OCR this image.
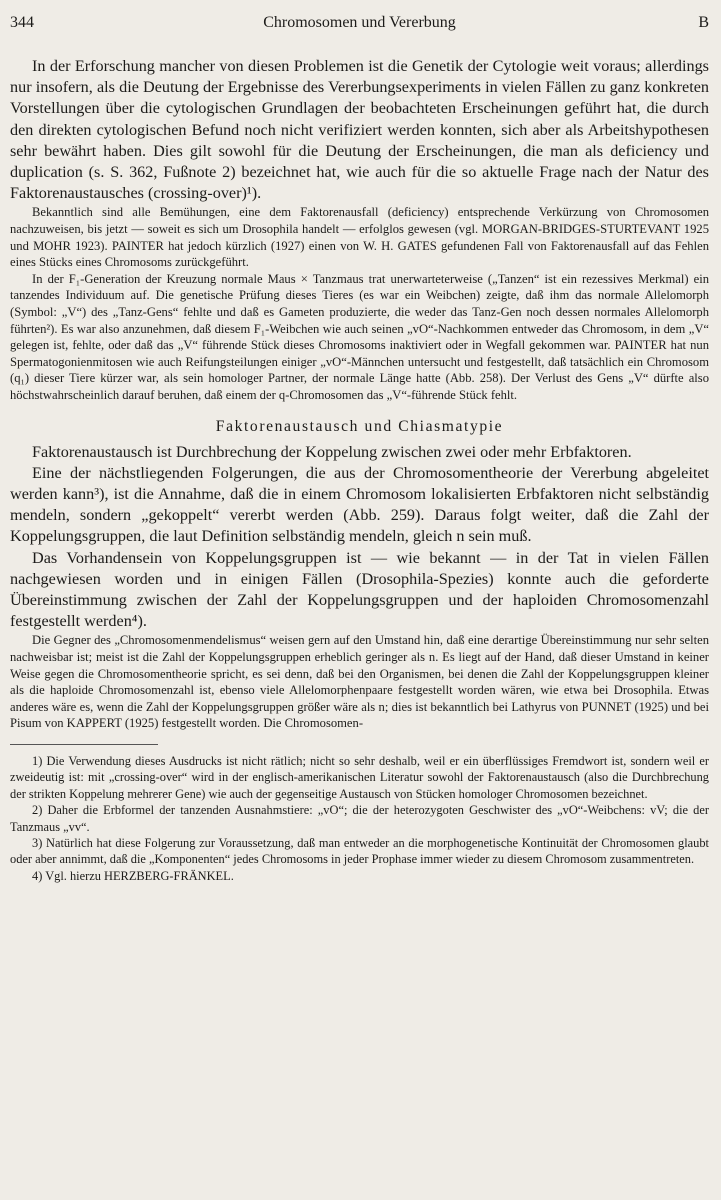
344	Chromosomen und Vererbung	B

In der Erforschung mancher von diesen Problemen ist die Genetik der Cytologie weit voraus; allerdings nur insofern, als die Deutung der Ergebnisse des Vererbungsexperiments in vielen Fällen zu ganz konkreten Vorstellungen über die cytologischen Grundlagen der beobachteten Erscheinungen geführt hat, die durch den direkten cytologischen Befund noch nicht verifiziert werden konnten, sich aber als Arbeitshypothesen sehr bewährt haben. Dies gilt sowohl für die Deutung der Erscheinungen, die man als deficiency und duplication (s. S. 362, Fußnote 2) bezeichnet hat, wie auch für die so aktuelle Frage nach der Natur des Faktorenaustausches (crossing-over)¹).

Bekanntlich sind alle Bemühungen, eine dem Faktorenausfall (deficiency) entsprechende Verkürzung von Chromosomen nachzuweisen, bis jetzt — soweit es sich um Drosophila handelt — erfolglos gewesen (vgl. MORGAN-BRIDGES-STURTEVANT 1925 und MOHR 1923). PAINTER hat jedoch kürzlich (1927) einen von W. H. GATES gefundenen Fall von Faktorenausfall auf das Fehlen eines Stücks eines Chromosoms zurückgeführt.

In der F₁-Generation der Kreuzung normale Maus × Tanzmaus trat unerwarteterweise („Tanzen“ ist ein rezessives Merkmal) ein tanzendes Individuum auf. Die genetische Prüfung dieses Tieres (es war ein Weibchen) zeigte, daß ihm das normale Allelomorph (Symbol: „V“) des „Tanz-Gens“ fehlte und daß es Gameten produzierte, die weder das Tanz-Gen noch dessen normales Allelomorph führten²). Es war also anzunehmen, daß diesem F₁-Weibchen wie auch seinen „vO“-Nachkommen entweder das Chromosom, in dem „V“ gelegen ist, fehlte, oder daß das „V“ führende Stück dieses Chromosoms inaktiviert oder in Wegfall gekommen war. PAINTER hat nun Spermatogonienmitosen wie auch Reifungsteilungen einiger „vO“-Männchen untersucht und festgestellt, daß tatsächlich ein Chromosom (q₁) dieser Tiere kürzer war, als sein homologer Partner, der normale Länge hatte (Abb. 258). Der Verlust des Gens „V“ dürfte also höchstwahrscheinlich darauf beruhen, daß einem der q-Chromosomen das „V“-führende Stück fehlt.

Faktorenaustausch und Chiasmatypie

Faktorenaustausch ist Durchbrechung der Koppelung zwischen zwei oder mehr Erbfaktoren.

Eine der nächstliegenden Folgerungen, die aus der Chromosomentheorie der Vererbung abgeleitet werden kann³), ist die Annahme, daß die in einem Chromosom lokalisierten Erbfaktoren nicht selbständig mendeln, sondern „gekoppelt“ vererbt werden (Abb. 259). Daraus folgt weiter, daß die Zahl der Koppelungsgruppen, die laut Definition selbständig mendeln, gleich n sein muß.

Das Vorhandensein von Koppelungsgruppen ist — wie bekannt — in der Tat in vielen Fällen nachgewiesen worden und in einigen Fällen (Drosophila-Spezies) konnte auch die geforderte Übereinstimmung zwischen der Zahl der Koppelungsgruppen und der haploiden Chromosomenzahl festgestellt werden⁴).

Die Gegner des „Chromosomenmendelismus“ weisen gern auf den Umstand hin, daß eine derartige Übereinstimmung nur sehr selten nachweisbar ist; meist ist die Zahl der Koppelungsgruppen erheblich geringer als n. Es liegt auf der Hand, daß dieser Umstand in keiner Weise gegen die Chromosomentheorie spricht, es sei denn, daß bei den Organismen, bei denen die Zahl der Koppelungsgruppen kleiner als die haploide Chromosomenzahl ist, ebenso viele Allelomorphenpaare festgestellt worden wären, wie etwa bei Drosophila. Etwas anderes wäre es, wenn die Zahl der Koppelungsgruppen größer wäre als n; dies ist bekanntlich bei Lathyrus von PUNNET (1925) und bei Pisum von KAPPERT (1925) festgestellt worden. Die Chromosomen-

1) Die Verwendung dieses Ausdrucks ist nicht rätlich; nicht so sehr deshalb, weil er ein überflüssiges Fremdwort ist, sondern weil er zweideutig ist: mit „crossing-over“ wird in der englisch-amerikanischen Literatur sowohl der Faktorenaustausch (also die Durchbrechung der strikten Koppelung mehrerer Gene) wie auch der gegenseitige Austausch von Stücken homologer Chromosomen bezeichnet.

2) Daher die Erbformel der tanzenden Ausnahmstiere: „vO“; die der heterozygoten Geschwister des „vO“-Weibchens: vV; die der Tanzmaus „vv“.

3) Natürlich hat diese Folgerung zur Voraussetzung, daß man entweder an die morphogenetische Kontinuität der Chromosomen glaubt oder aber annimmt, daß die „Komponenten“ jedes Chromosoms in jeder Prophase immer wieder zu diesem Chromosom zusammentreten.

4) Vgl. hierzu HERZBERG-FRÄNKEL.
